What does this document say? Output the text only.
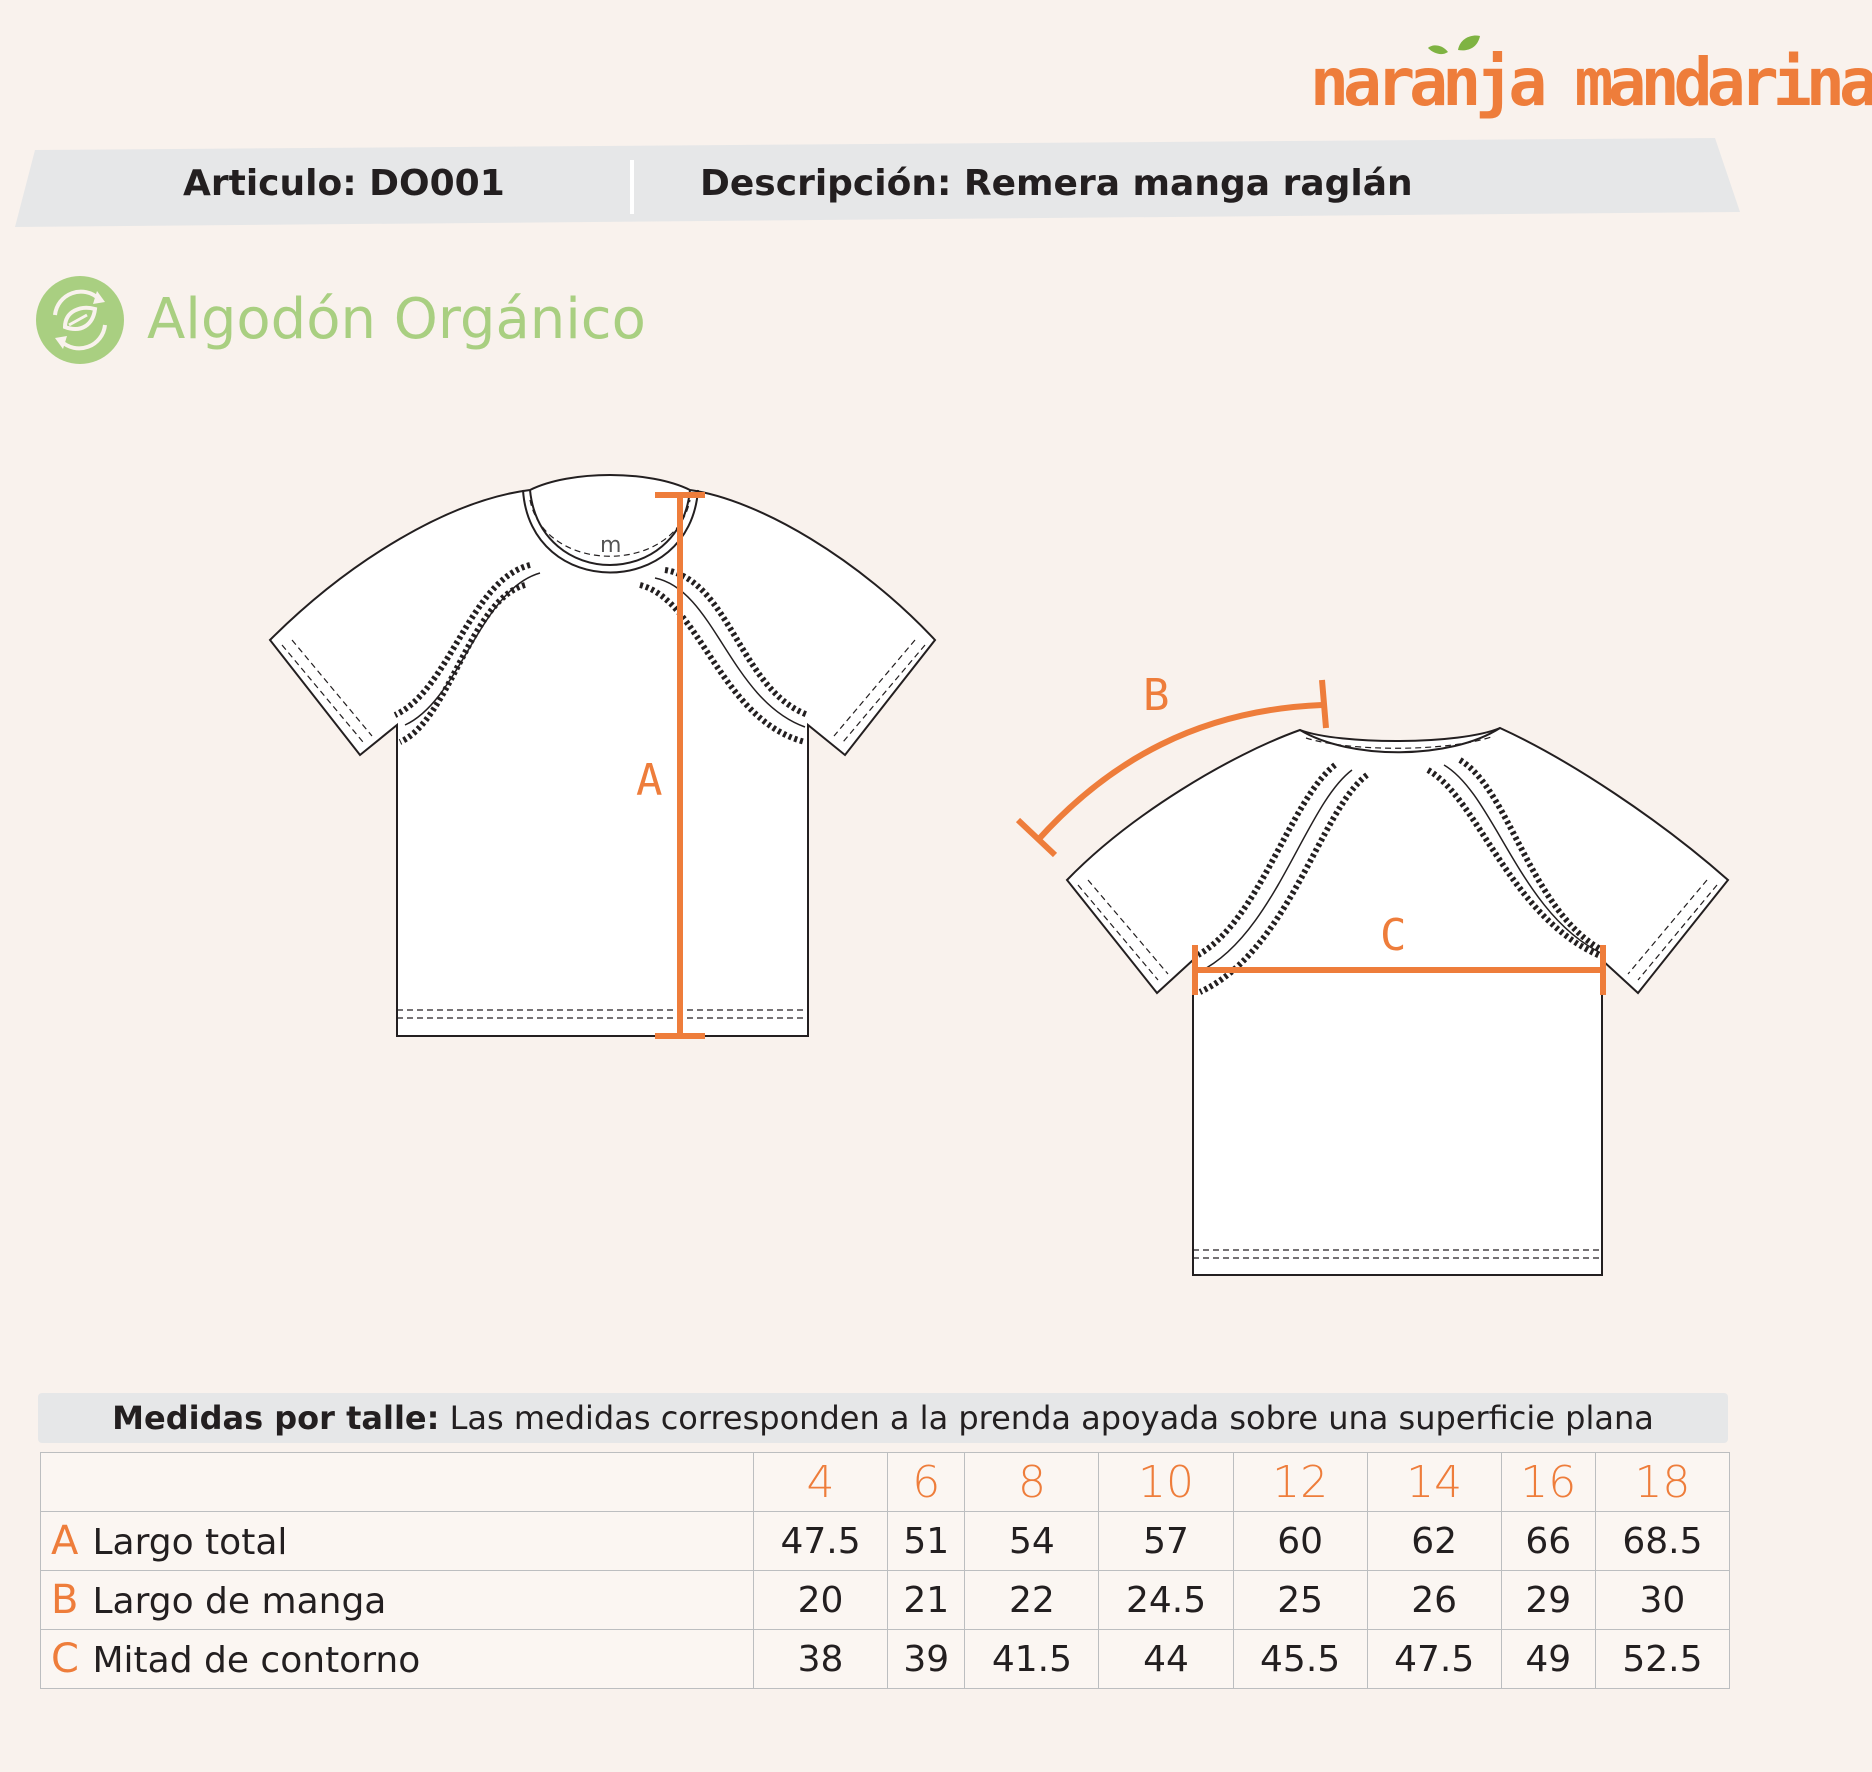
naranja mandarina
Articulo: DO001	Descripción: Remera manga raglán
Algodón Orgánico
m
A
B
C
Medidas por talle: Las medidas corresponden a la prenda apoyada sobre una superficie plana
	4	6	8	10	12	14	16	18
A Largo total	47.5	51	54	57	60	62	66	68.5
B Largo de manga	20	21	22	24.5	25	26	29	30
C Mitad de contorno	38	39	41.5	44	45.5	47.5	49	52.5
